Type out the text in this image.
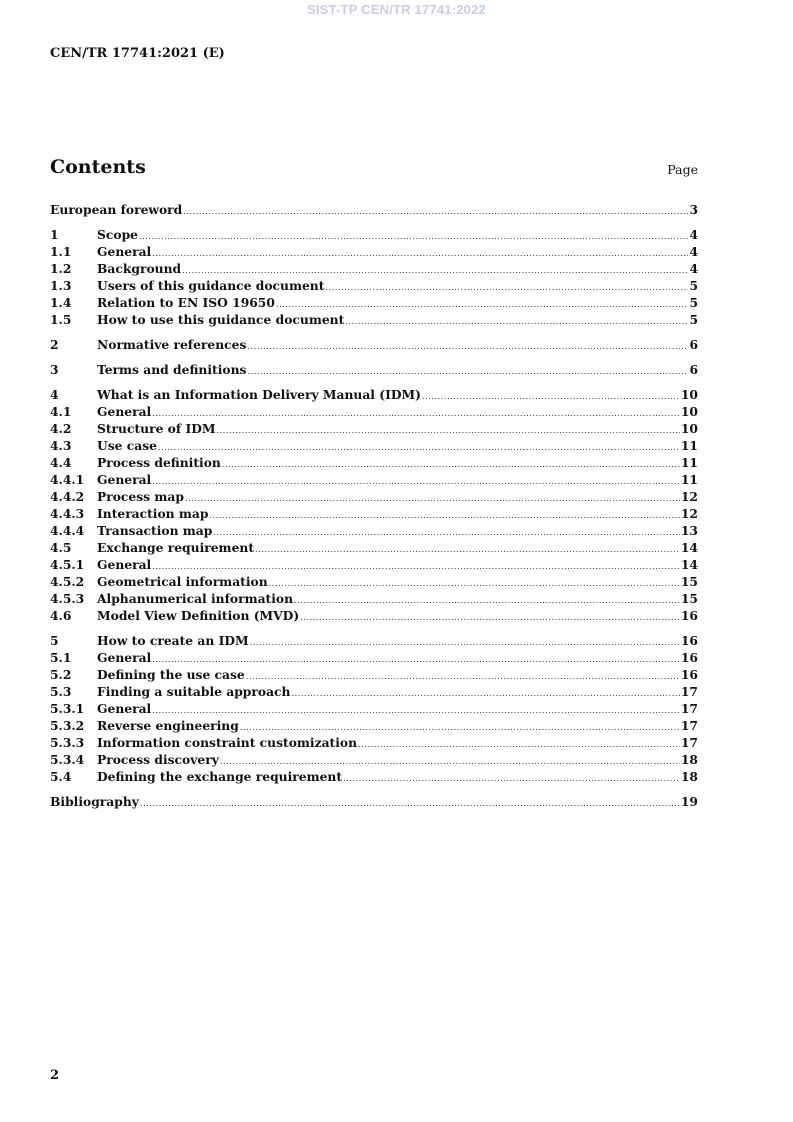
SIST-TP CEN/TR 17741:2022
CEN/TR 17741:2021 (E)
Contents	Page
European foreword .....	3
1	Scope .....	4
1.1	General .....	4
1.2	Background .....	4
1.3	Users of this guidance document .....	5
1.4	Relation to EN ISO 19650 .....	5
1.5	How to use this guidance document .....	5
2	Normative references .....	6
3	Terms and definitions .....	6
4	What is an Information Delivery Manual (IDM) .....	10
4.1	General .....	10
4.2	Structure of IDM .....	10
4.3	Use case .....	11
4.4	Process definition .....	11
4.4.1	General .....	11
4.4.2	Process map .....	12
4.4.3	Interaction map .....	12
4.4.4	Transaction map .....	13
4.5	Exchange requirement .....	14
4.5.1	General .....	14
4.5.2	Geometrical information .....	15
4.5.3	Alphanumerical information .....	15
4.6	Model View Definition (MVD) .....	16
5	How to create an IDM .....	16
5.1	General .....	16
5.2	Defining the use case .....	16
5.3	Finding a suitable approach .....	17
5.3.1	General .....	17
5.3.2	Reverse engineering .....	17
5.3.3	Information constraint customization .....	17
5.3.4	Process discovery .....	18
5.4	Defining the exchange requirement .....	18
Bibliography .....	19
2
